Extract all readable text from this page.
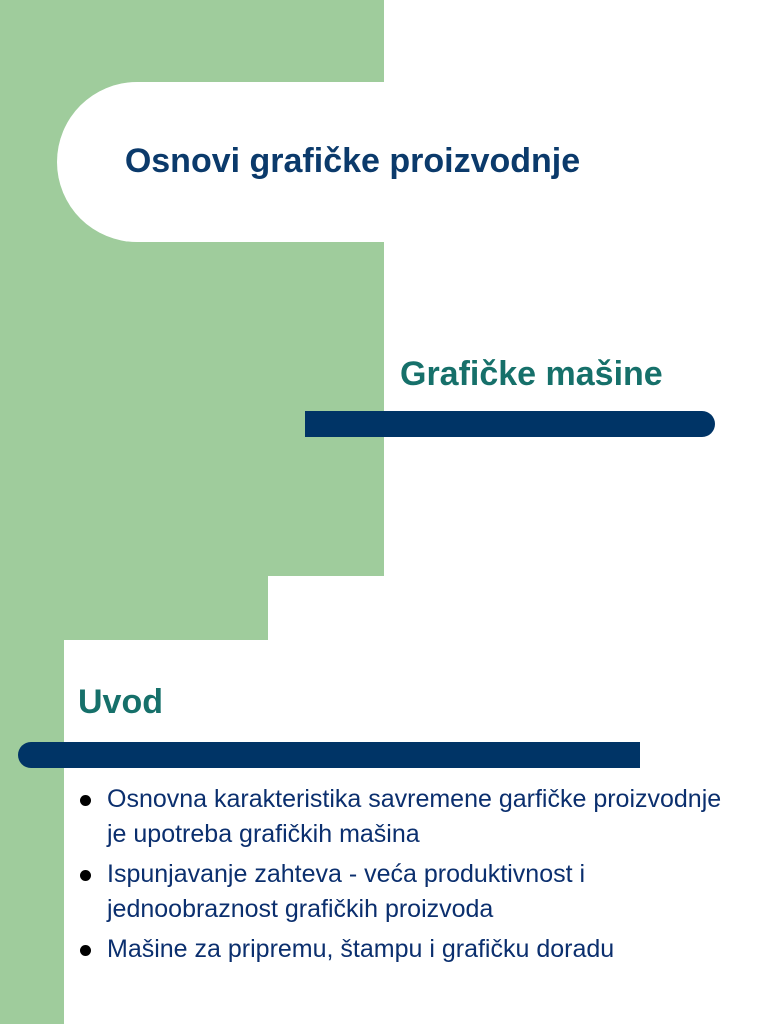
Osnovi grafičke proizvodnje
Grafičke mašine
Uvod
Osnovna karakteristika savremene garfičke proizvodnje je upotreba grafičkih mašina
Ispunjavanje zahteva - veća produktivnost i jednoobraznost grafičkih proizvoda
Mašine za pripremu, štampu i grafičku doradu
